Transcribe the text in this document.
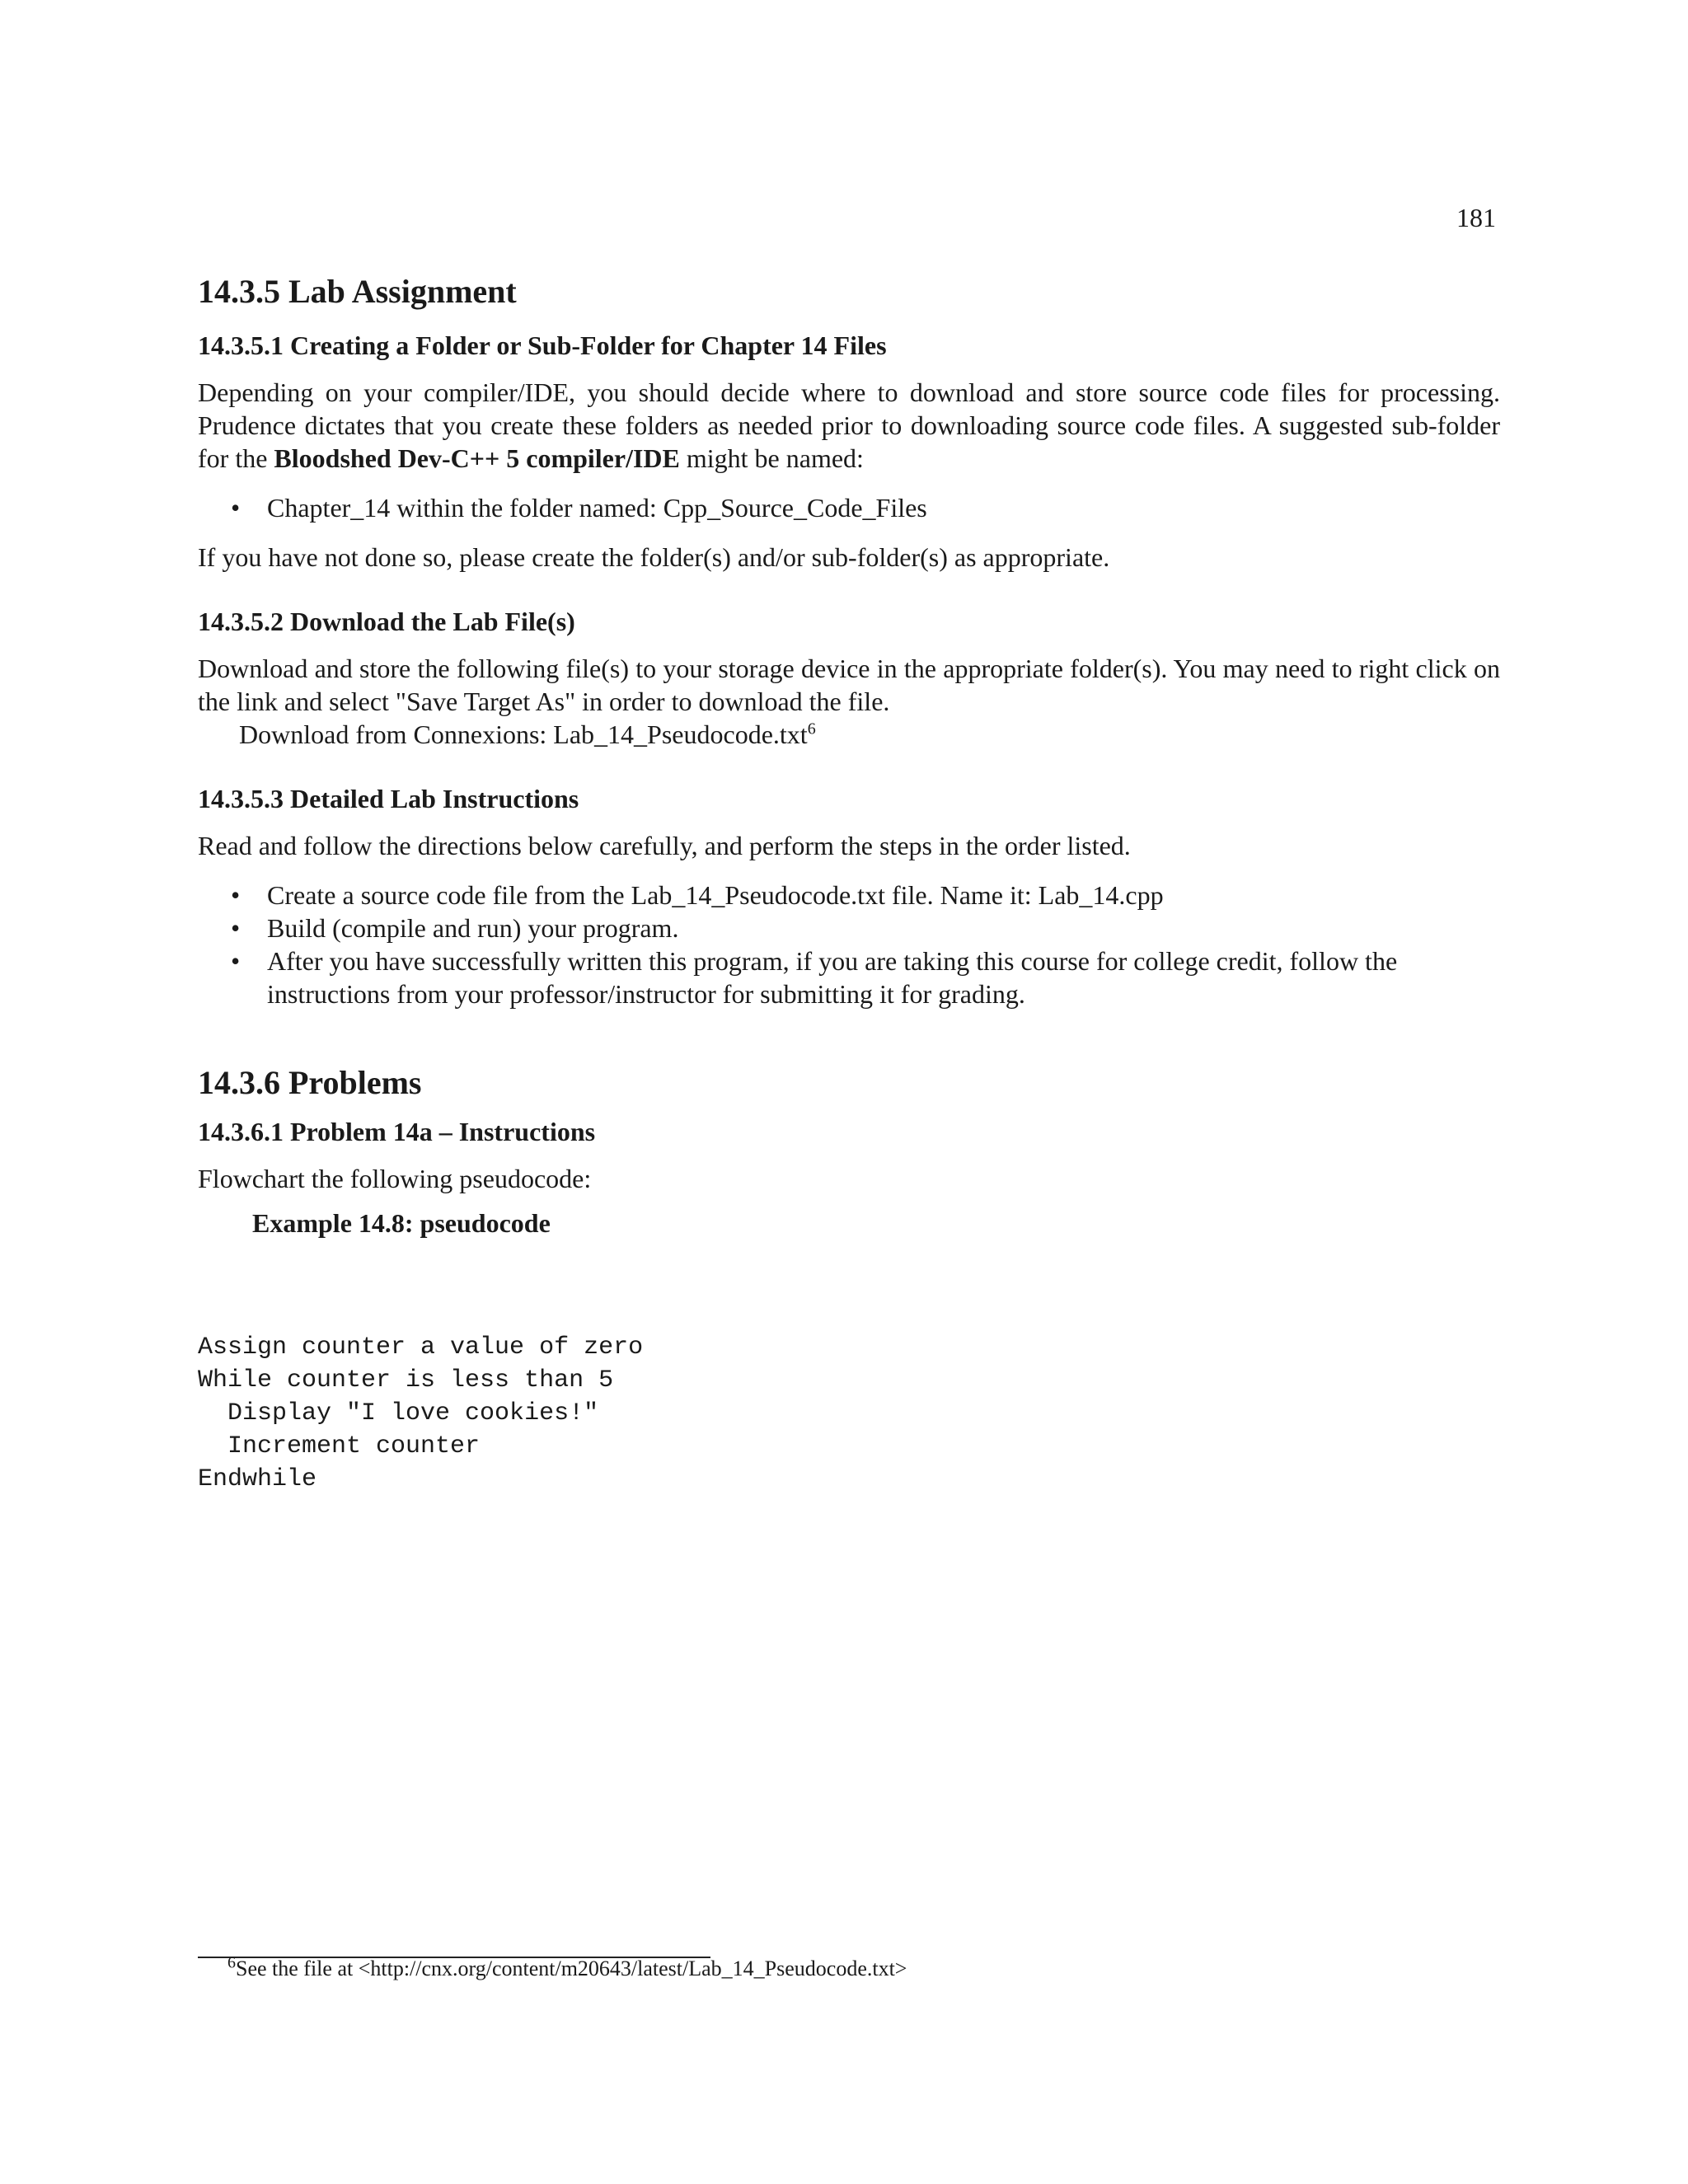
181
14.3.5 Lab Assignment
14.3.5.1 Creating a Folder or Sub-Folder for Chapter 14 Files

Depending on your compiler/IDE, you should decide where to download and store source code files for processing. Prudence dictates that you create these folders as needed prior to downloading source code files. A suggested sub-folder for the Bloodshed Dev-C++ 5 compiler/IDE might be named:

• Chapter_14 within the folder named: Cpp_Source_Code_Files

If you have not done so, please create the folder(s) and/or sub-folder(s) as appropriate.

14.3.5.2 Download the Lab File(s)

Download and store the following file(s) to your storage device in the appropriate folder(s). You may need to right click on the link and select "Save Target As" in order to download the file.

Download from Connexions: Lab_14_Pseudocode.txt$^6$

14.3.5.3 Detailed Lab Instructions

Read and follow the directions below carefully, and perform the steps in the order listed.

• Create a source code file from the Lab_14_Pseudocode.txt file. Name it: Lab_14.cpp
• Build (compile and run) your program.
• After you have successfully written this program, if you are taking this course for college credit, follow the instructions from your professor/instructor for submitting it for grading.
14.3.6 Problems
14.3.6.1 Problem 14a – Instructions

Flowchart the following pseudocode:

Example 14.8: pseudocode
Assign counter a value of zero
While counter is less than 5
Display "I love cookies!"
Increment counter
Endwhile
$^6$See the file at <http://cnx.org/content/m20643/latest/Lab_14_Pseudocode.txt>
